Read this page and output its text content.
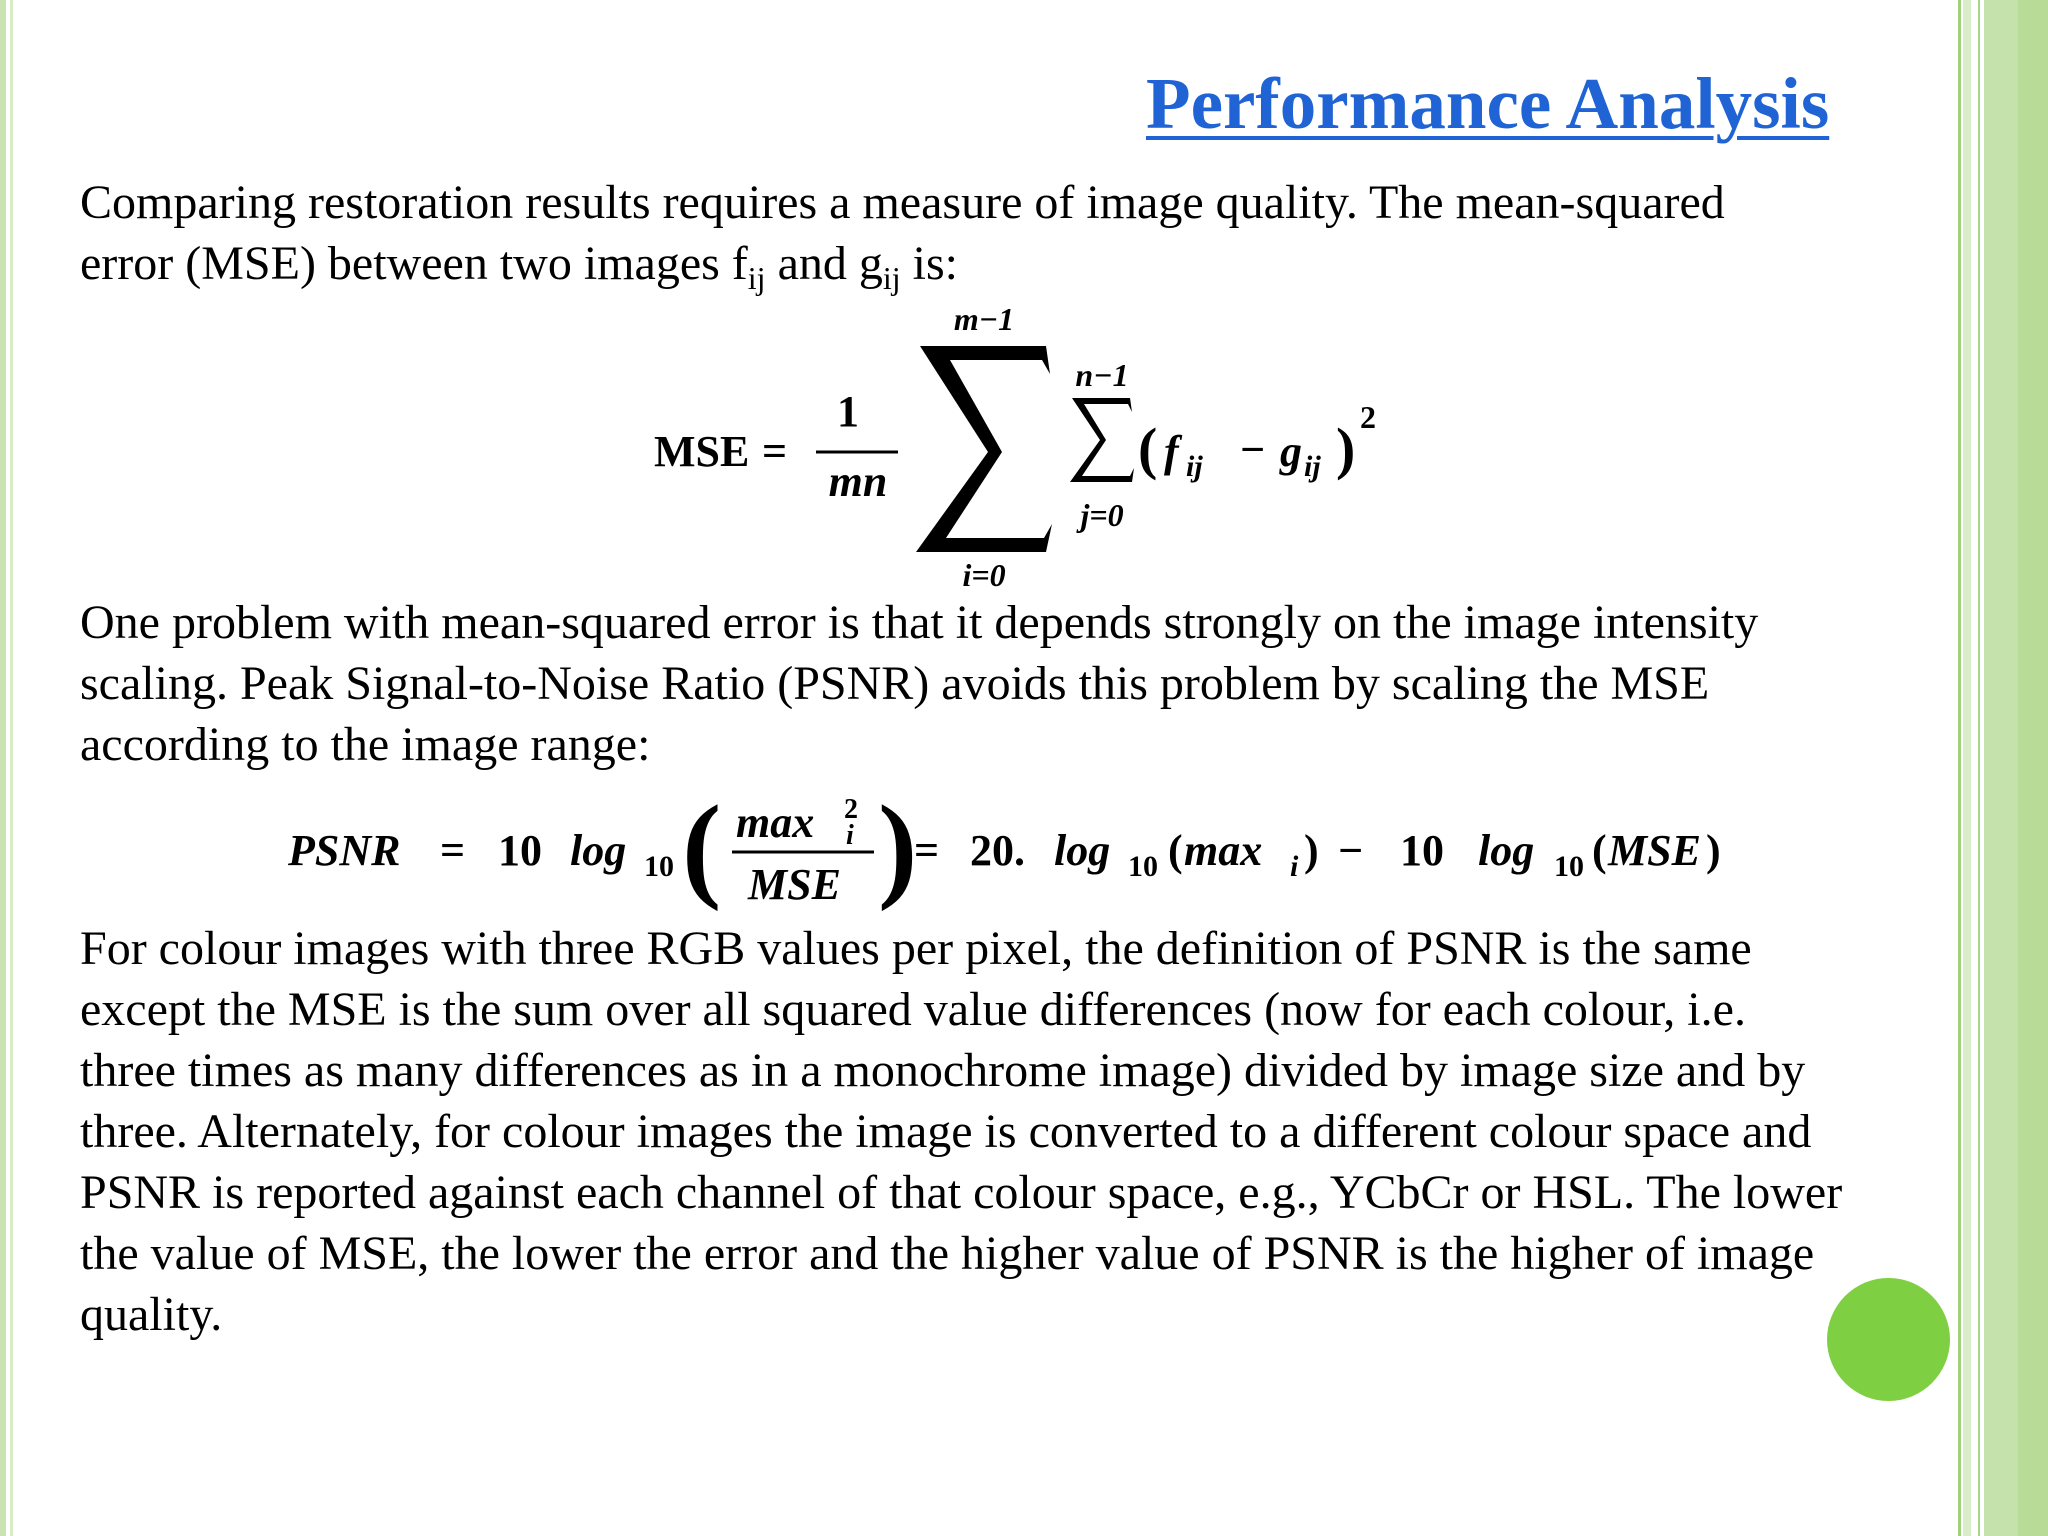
Performance Analysis
Comparing restoration results requires a measure of image quality. The mean-squared
error (MSE) between two images $f_{ij}$ and $g_{ij}$ is:
MSE =
1
mn
m−1
i=0
n−1
j=0
( f ij − g ij ) 2
One problem with mean-squared error is that it depends strongly on the image intensity
scaling. Peak Signal-to-Noise Ratio (PSNR) avoids this problem by scaling the MSE
according to the image range:
PSNR = 10 log 10 ( max 2
i
MSE )
= 20. log 10 ( max i ) − 10 log 10 ( MSE )
For colour images with three RGB values per pixel, the definition of PSNR is the same
except the MSE is the sum over all squared value differences (now for each colour, i.e.
three times as many differences as in a monochrome image) divided by image size and by
three. Alternately, for colour images the image is converted to a different colour space and
PSNR is reported against each channel of that colour space, e.g., YCbCr or HSL. The lower
the value of MSE, the lower the error and the higher value of PSNR is the higher of image
quality.
